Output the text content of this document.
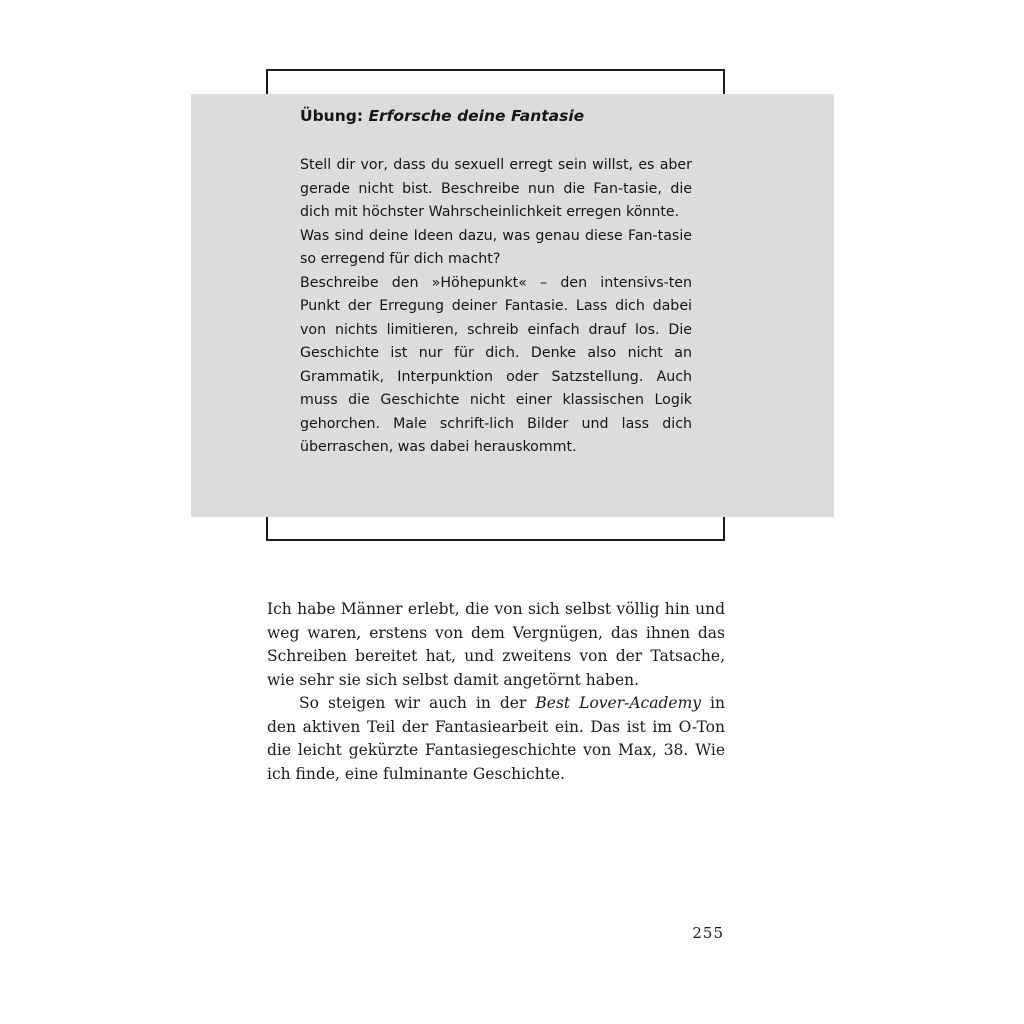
Übung: Erforsche deine Fantasie

Stell dir vor, dass du sexuell erregt sein willst, es aber gerade nicht bist. Beschreibe nun die Fan-tasie, die dich mit höchster Wahrscheinlichkeit erregen könnte.

Was sind deine Ideen dazu, was genau diese Fan-tasie so erregend für dich macht?

Beschreibe den »Höhepunkt« – den intensivs-ten Punkt der Erregung deiner Fantasie. Lass dich dabei von nichts limitieren, schreib einfach drauf los. Die Geschichte ist nur für dich. Denke also nicht an Grammatik, Interpunktion oder Satzstellung. Auch muss die Geschichte nicht einer klassischen Logik gehorchen. Male schrift-lich Bilder und lass dich überraschen, was dabei herauskommt.

Ich habe Männer erlebt, die von sich selbst völlig hin und weg waren, erstens von dem Vergnügen, das ihnen das Schreiben bereitet hat, und zweitens von der Tatsache, wie sehr sie sich selbst damit angetörnt haben.

So steigen wir auch in der Best Lover-Academy in den aktiven Teil der Fantasiearbeit ein. Das ist im O-Ton die leicht gekürzte Fantasiegeschichte von Max, 38. Wie ich finde, eine fulminante Geschichte.

255
